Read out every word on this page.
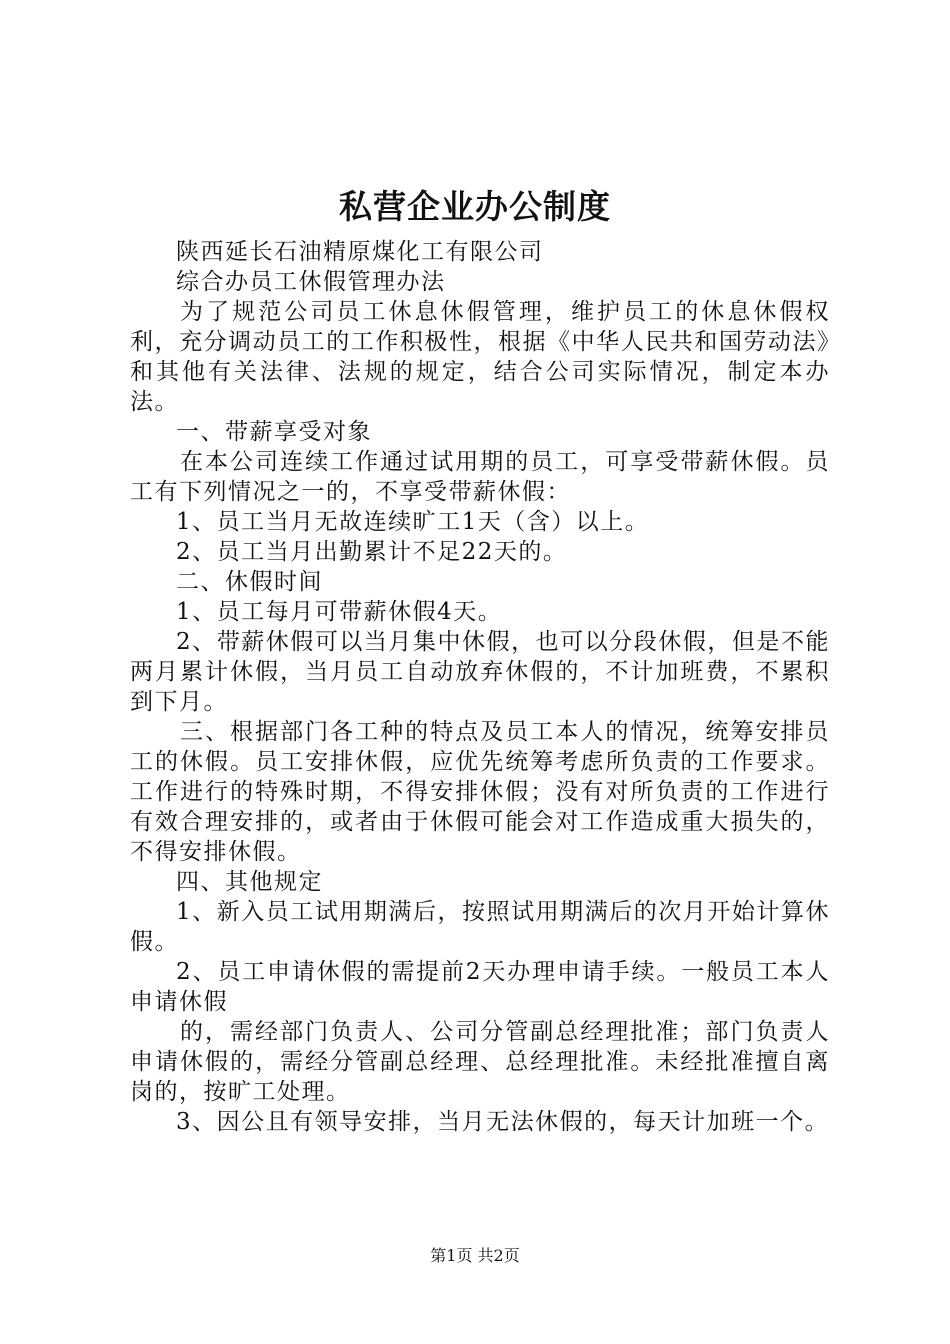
私营企业办公制度

陕西延长石油精原煤化工有限公司

综合办员工休假管理办法

为了规范公司员工休息休假管理，维护员工的休息休假权利，充分调动员工的工作积极性，根据《中华人民共和国劳动法》和其他有关法律、法规的规定，结合公司实际情况，制定本办法。

一、带薪享受对象

在本公司连续工作通过试用期的员工，可享受带薪休假。员工有下列情况之一的，不享受带薪休假：

1、员工当月无故连续旷工1天（含）以上。

2、员工当月出勤累计不足22天的。

二、休假时间

1、员工每月可带薪休假4天。

2、带薪休假可以当月集中休假，也可以分段休假，但是不能两月累计休假，当月员工自动放弃休假的，不计加班费，不累积到下月。

三、根据部门各工种的特点及员工本人的情况，统筹安排员工的休假。员工安排休假，应优先统筹考虑所负责的工作要求。工作进行的特殊时期，不得安排休假；没有对所负责的工作进行有效合理安排的，或者由于休假可能会对工作造成重大损失的，不得安排休假。

四、其他规定

1、新入员工试用期满后，按照试用期满后的次月开始计算休假。

2、员工申请休假的需提前2天办理申请手续。一般员工本人申请休假

的，需经部门负责人、公司分管副总经理批准；部门负责人申请休假的，需经分管副总经理、总经理批准。未经批准擅自离岗的，按旷工处理。

3、因公且有领导安排，当月无法休假的，每天计加班一个。

第1页 共2页
